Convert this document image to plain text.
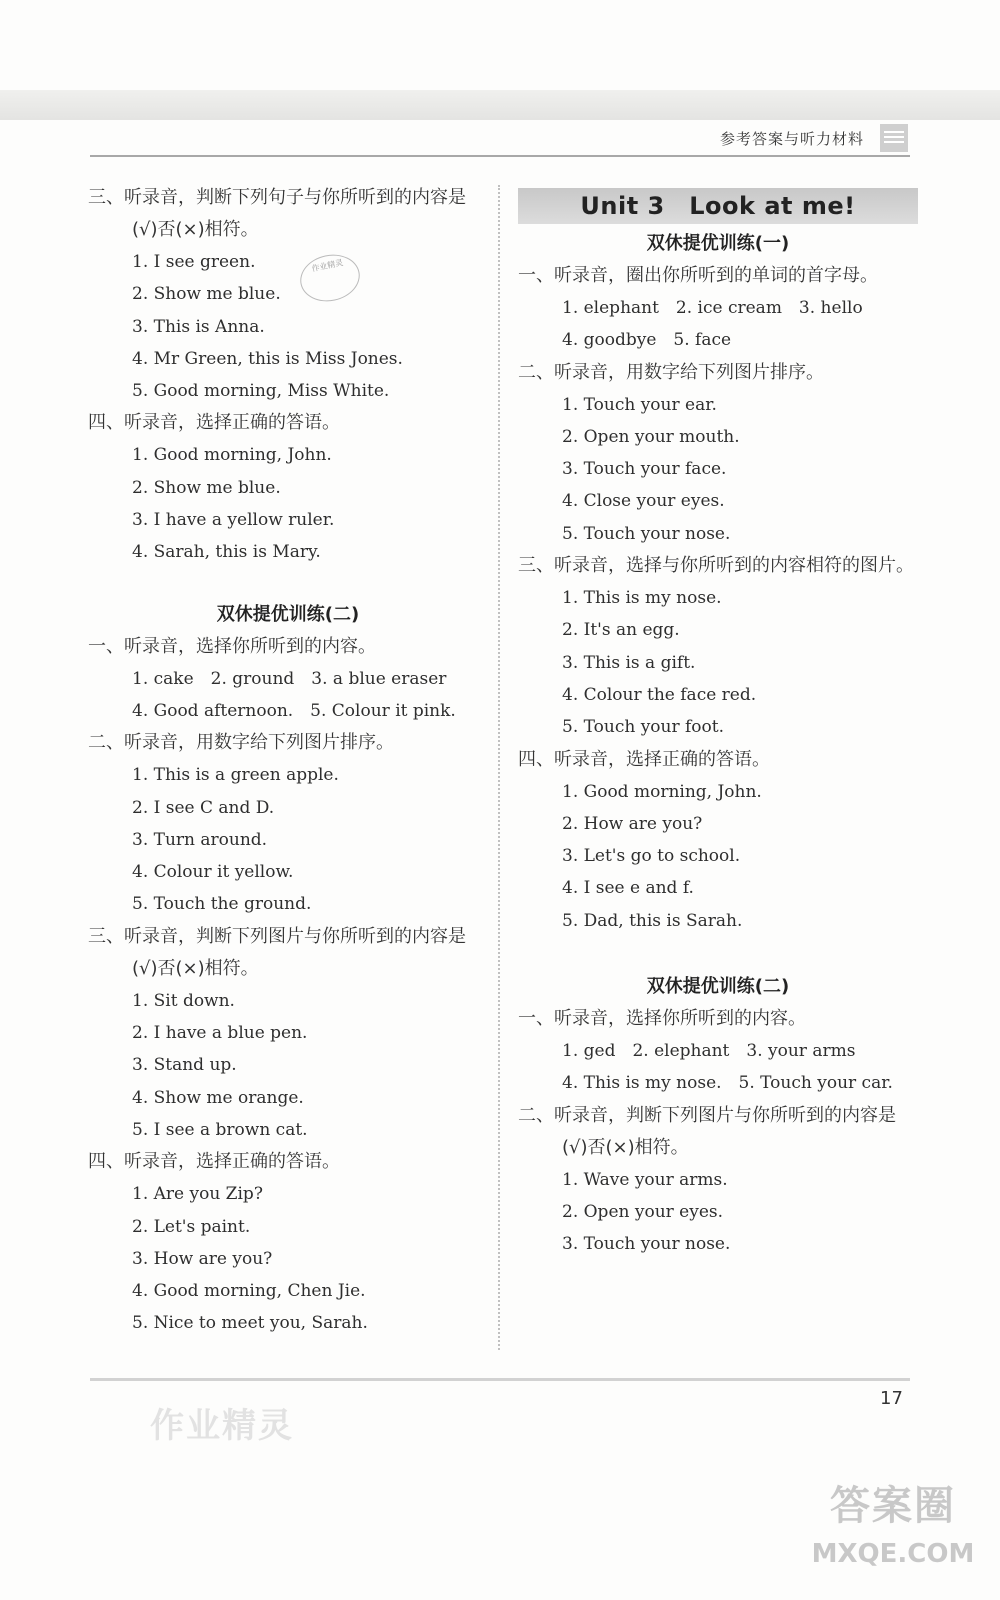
参考答案与听力材料
作业精灵
三、听录音，判断下列句子与你所听到的内容是(√)否(×)相符。
1. I see green.
2. Show me blue.
3. This is Anna.
4. Mr Green, this is Miss Jones.
5. Good morning, Miss White.
四、听录音，选择正确的答语。
1. Good morning, John.
2. Show me blue.
3. I have a yellow ruler.
4. Sarah, this is Mary.
双休提优训练(二)
一、听录音，选择你所听到的内容。
1. cake　2. ground　3. a blue eraser
4. Good afternoon.　5. Colour it pink.
二、听录音，用数字给下列图片排序。
1. This is a green apple.
2. I see C and D.
3. Turn around.
4. Colour it yellow.
5. Touch the ground.
三、听录音，判断下列图片与你所听到的内容是(√)否(×)相符。
1. Sit down.
2. I have a blue pen.
3. Stand up.
4. Show me orange.
5. I see a brown cat.
四、听录音，选择正确的答语。
1. Are you Zip?
2. Let's paint.
3. How are you?
4. Good morning, Chen Jie.
5. Nice to meet you, Sarah.
Unit 3　Look at me!
双休提优训练(一)
一、听录音，圈出你所听到的单词的首字母。
1. elephant　2. ice cream　3. hello
4. goodbye　5. face
二、听录音，用数字给下列图片排序。
1. Touch your ear.
2. Open your mouth.
3. Touch your face.
4. Close your eyes.
5. Touch your nose.
三、听录音，选择与你所听到的内容相符的图片。
1. This is my nose.
2. It's an egg.
3. This is a gift.
4. Colour the face red.
5. Touch your foot.
四、听录音，选择正确的答语。
1. Good morning, John.
2. How are you?
3. Let's go to school.
4. I see e and f.
5. Dad, this is Sarah.
双休提优训练(二)
一、听录音，选择你所听到的内容。
1. ged　2. elephant　3. your arms
4. This is my nose.　5. Touch your car.
二、听录音，判断下列图片与你所听到的内容是(√)否(×)相符。
1. Wave your arms.
2. Open your eyes.
3. Touch your nose.
17
作业精灵
答案圈
MXQE.COM
